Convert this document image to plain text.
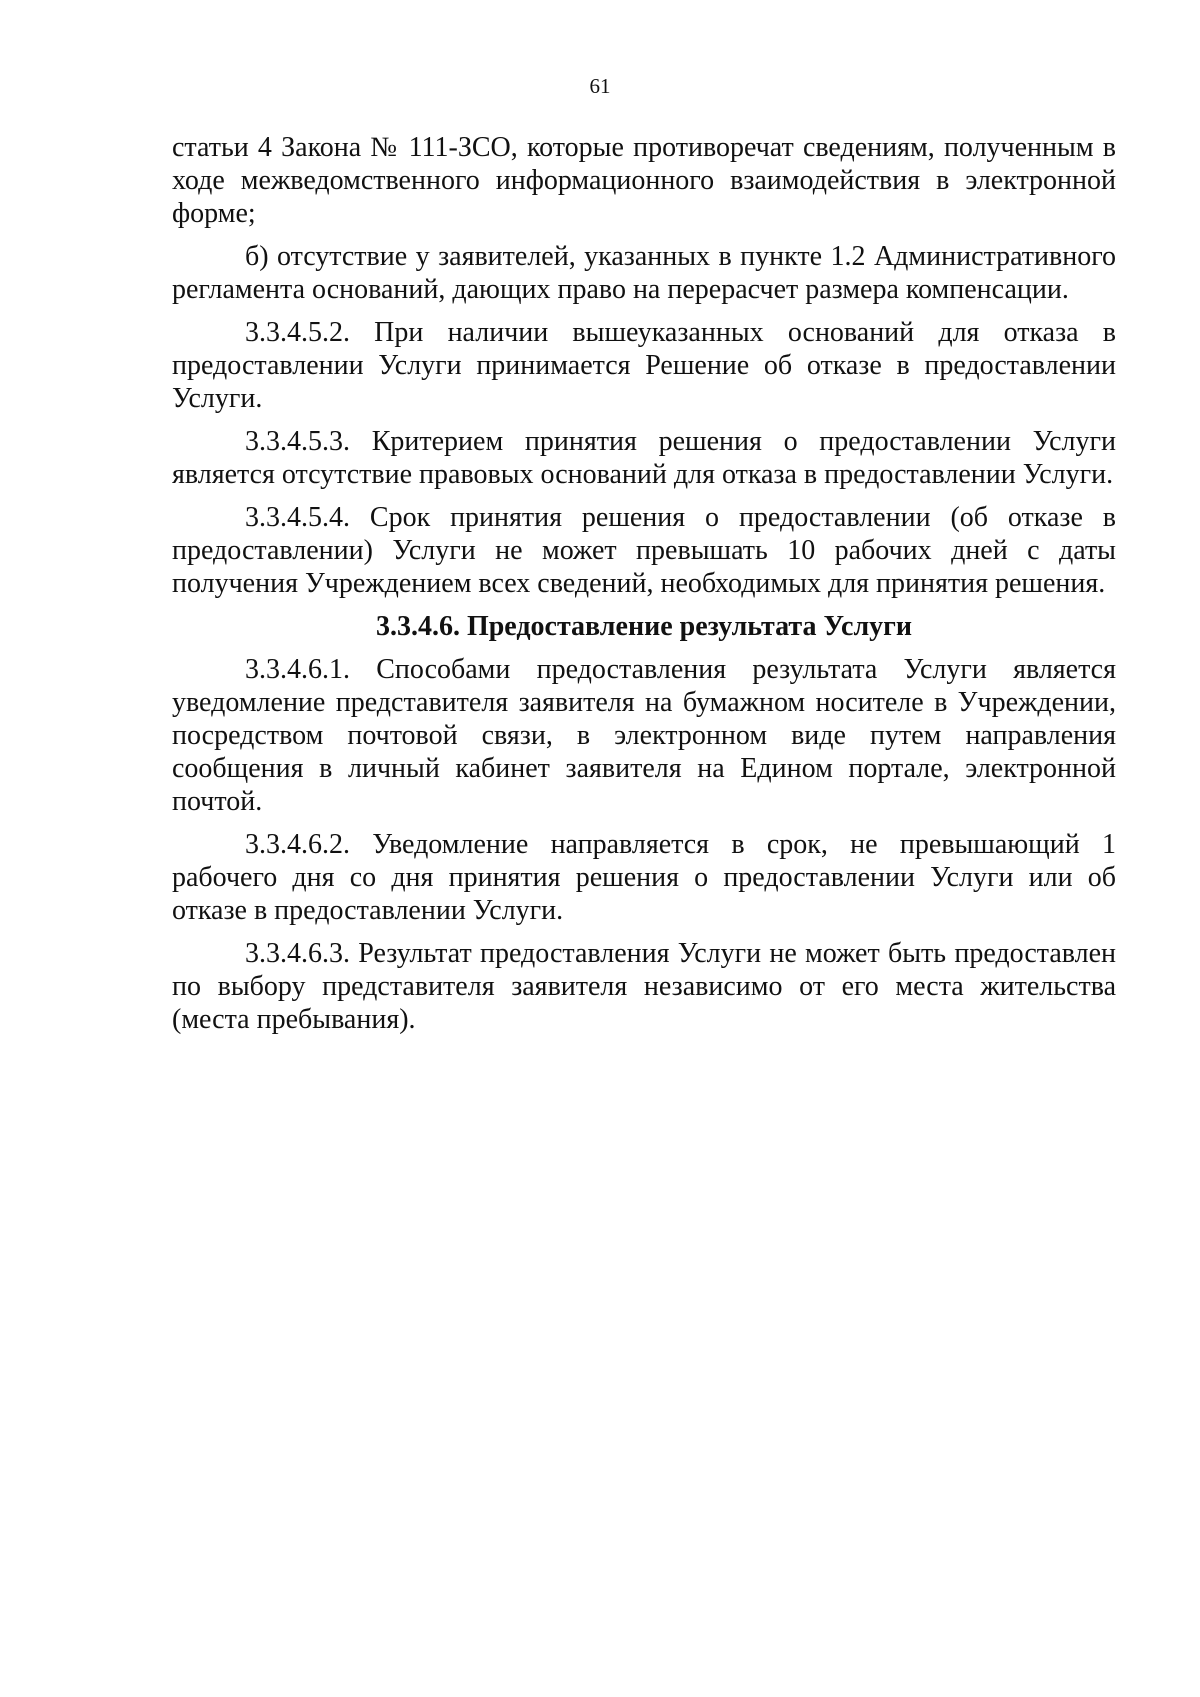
61

статьи 4 Закона № 111-ЗСО, которые противоречат сведениям, полученным в ходе межведомственного информационного взаимодействия в электронной форме;

б) отсутствие у заявителей, указанных в пункте 1.2 Административного регламента оснований, дающих право на перерасчет размера компенсации.

3.3.4.5.2. При наличии вышеуказанных оснований для отказа в предоставлении Услуги принимается Решение об отказе в предоставлении Услуги.

3.3.4.5.3. Критерием принятия решения о предоставлении Услуги является отсутствие правовых оснований для отказа в предоставлении Услуги.

3.3.4.5.4. Срок принятия решения о предоставлении (об отказе в предоставлении) Услуги не может превышать 10 рабочих дней с даты получения Учреждением всех сведений, необходимых для принятия решения.

3.3.4.6. Предоставление результата Услуги

3.3.4.6.1. Способами предоставления результата Услуги является уведомление представителя заявителя на бумажном носителе в Учреждении, посредством почтовой связи, в электронном виде путем направления сообщения в личный кабинет заявителя на Едином портале, электронной почтой.

3.3.4.6.2. Уведомление направляется в срок, не превышающий 1 рабочего дня со дня принятия решения о предоставлении Услуги или об отказе в предоставлении Услуги.

3.3.4.6.3. Результат предоставления Услуги не может быть предоставлен по выбору представителя заявителя независимо от его места жительства (места пребывания).
